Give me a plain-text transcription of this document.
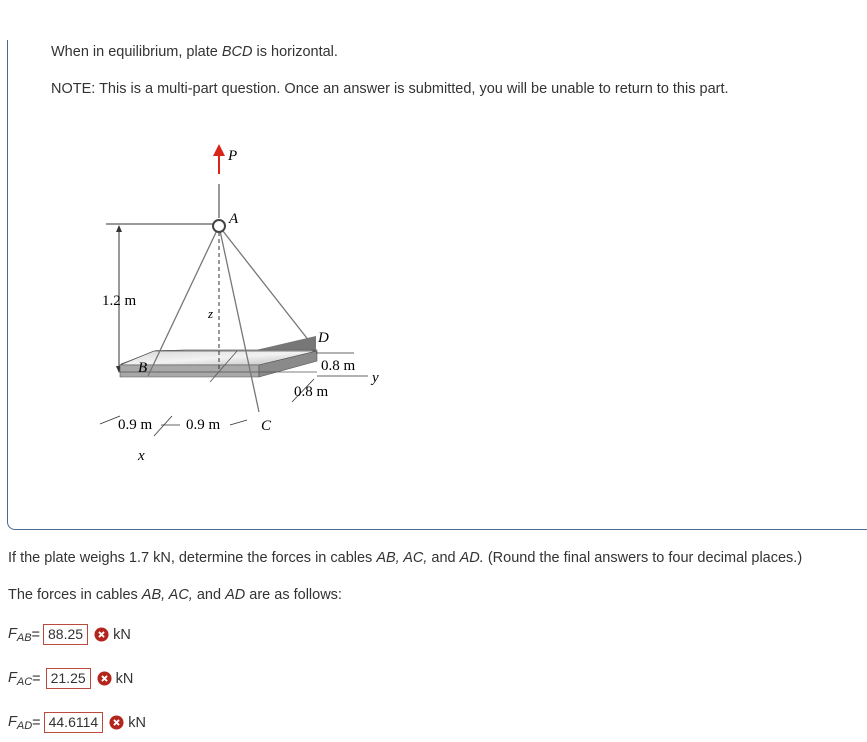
When in equilibrium, plate BCD is horizontal.
NOTE: This is a multi-part question. Once an answer is submitted, you will be unable to return to this part.
1.2 m
z
A
P
B
C
D
y
0.8 m
0.8 m
x
0.9 m 0.9 m
If the plate weighs 1.7 kN, determine the forces in cables AB, AC, and AD. (Round the final answers to four decimal places.)
The forces in cables AB, AC, and AD are as follows:
$F_{AB} = 88.25$	kN
$F_{AC} = 21.25$	kN
$F_{AD} = 44.6114$	kN
